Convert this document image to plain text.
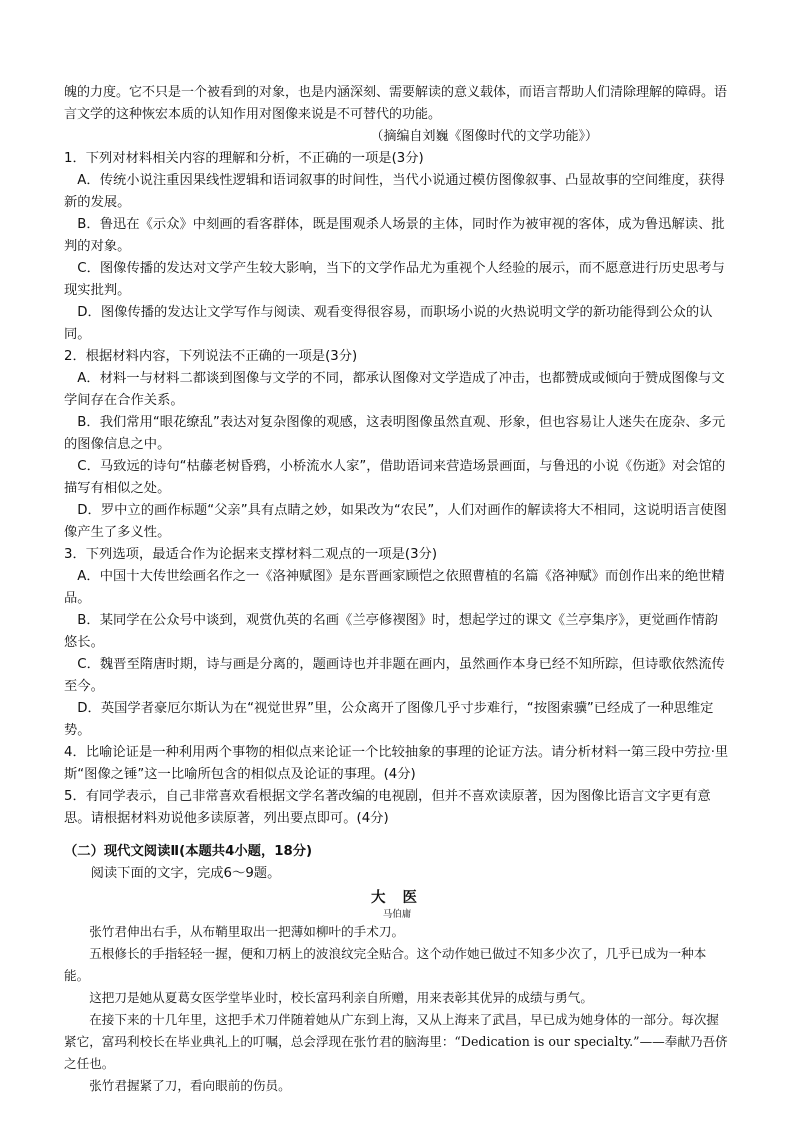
魄的力度。它不只是一个被看到的对象，也是内涵深刻、需要解读的意义载体，而语言帮助人们清除理解的障碍。语言文学的这种恢宏本质的认知作用对图像来说是不可替代的功能。

（摘编自刘巍《图像时代的文学功能》）

1．下列对材料相关内容的理解和分析，不正确的一项是(3分)

A．传统小说注重因果线性逻辑和语词叙事的时间性，当代小说通过模仿图像叙事、凸显故事的空间维度，获得新的发展。

B．鲁迅在《示众》中刻画的看客群体，既是围观杀人场景的主体，同时作为被审视的客体，成为鲁迅解读、批判的对象。

C．图像传播的发达对文学产生较大影响，当下的文学作品尤为重视个人经验的展示，而不愿意进行历史思考与现实批判。

D．图像传播的发达让文学写作与阅读、观看变得很容易，而职场小说的火热说明文学的新功能得到公众的认同。

2．根据材料内容，下列说法不正确的一项是(3分)

A．材料一与材料二都谈到图像与文学的不同，都承认图像对文学造成了冲击，也都赞成或倾向于赞成图像与文学间存在合作关系。

B．我们常用“眼花缭乱”表达对复杂图像的观感，这表明图像虽然直观、形象，但也容易让人迷失在庞杂、多元的图像信息之中。

C．马致远的诗句“枯藤老树昏鸦，小桥流水人家”，借助语词来营造场景画面，与鲁迅的小说《伤逝》对会馆的描写有相似之处。

D．罗中立的画作标题“父亲”具有点睛之妙，如果改为“农民”，人们对画作的解读将大不相同，这说明语言使图像产生了多义性。

3．下列选项，最适合作为论据来支撑材料二观点的一项是(3分)

A．中国十大传世绘画名作之一《洛神赋图》是东晋画家顾恺之依照曹植的名篇《洛神赋》而创作出来的绝世精品。

B．某同学在公众号中谈到，观赏仇英的名画《兰亭修禊图》时，想起学过的课文《兰亭集序》，更觉画作情韵悠长。

C．魏晋至隋唐时期，诗与画是分离的，题画诗也并非题在画内，虽然画作本身已经不知所踪，但诗歌依然流传至今。

D．英国学者豪厄尔斯认为在“视觉世界”里，公众离开了图像几乎寸步难行，“按图索骥”已经成了一种思维定势。

4．比喻论证是一种利用两个事物的相似点来论证一个比较抽象的事理的论证方法。请分析材料一第三段中劳拉·里斯“图像之锤”这一比喻所包含的相似点及论证的事理。(4分)

5．有同学表示，自己非常喜欢看根据文学名著改编的电视剧，但并不喜欢读原著，因为图像比语言文字更有意思。请根据材料劝说他多读原著，列出要点即可。(4分)

（二）现代文阅读Ⅱ(本题共4小题，18分)

阅读下面的文字，完成6～9题。

大 医
马伯庸

张竹君伸出右手，从布鞘里取出一把薄如柳叶的手术刀。

五根修长的手指轻轻一握，便和刀柄上的波浪纹完全贴合。这个动作她已做过不知多少次了，几乎已成为一种本能。

这把刀是她从夏葛女医学堂毕业时，校长富玛利亲自所赠，用来表彰其优异的成绩与勇气。

在接下来的十几年里，这把手术刀伴随着她从广东到上海，又从上海来了武昌，早已成为她身体的一部分。每次握紧它，富玛利校长在毕业典礼上的叮嘱，总会浮现在张竹君的脑海里：“Dedication is our specialty.”——奉献乃吾侪之任也。

张竹君握紧了刀，看向眼前的伤员。
